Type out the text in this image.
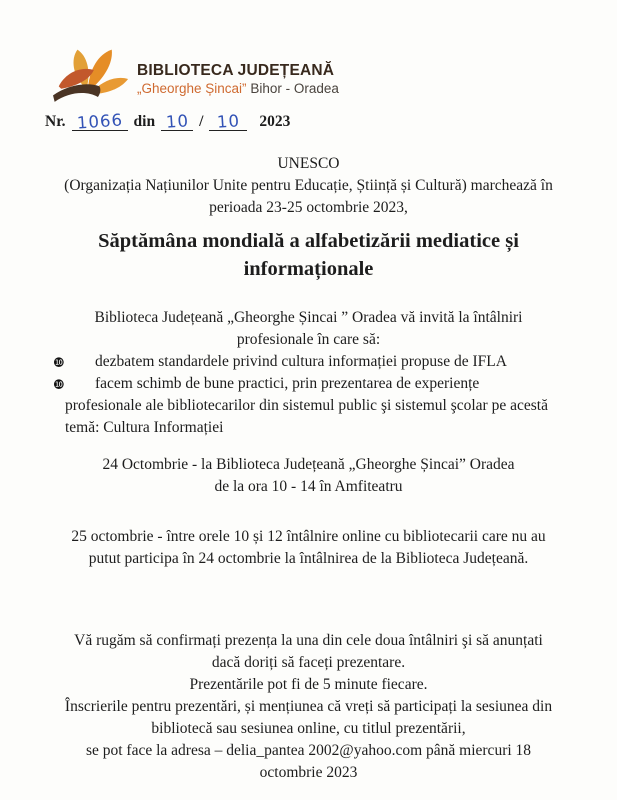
BIBLIOTECA JUDEȚEANĂ
„Gheorghe Șincai” Bihor - Oradea
Nr. 1066 din 10 / 10	2023

UNESCO

(Organizația Națiunilor Unite pentru Educație, Știință și Cultură) marchează în
perioada 23-25 octombrie 2023,

Săptămâna mondială a alfabetizării mediatice și
informaționale

Biblioteca Județeană „Gheorghe Șincai ” Oradea vă invită la întâlniri
profesionale în care să:

❿ dezbatem standardele privind cultura informației propuse de IFLA
❿ facem schimb de bune practici, prin prezentarea de experiențe
profesionale ale bibliotecarilor din sistemul public şi sistemul şcolar pe acestă
temă: Cultura Informației

24 Octombrie - la Biblioteca Județeană „Gheorghe Șincai” Oradea
de la ora 10 - 14 în Amfiteatru

25 octombrie - între orele 10 și 12 întâlnire online cu bibliotecarii care nu au
putut participa în 24 octombrie la întâlnirea de la Biblioteca Județeană.

Vă rugăm să confirmați prezența la una din cele doua întâlniri şi să anunțati
dacă doriți să faceți prezentare.
Prezentările pot fi de 5 minute fiecare.
Înscrierile pentru prezentări, și mențiunea că vreți să participați la sesiunea din
bibliotecă sau sesiunea online, cu titlul prezentării,
se pot face la adresa – delia_pantea 2002@yahoo.com până miercuri 18
octombrie 2023
